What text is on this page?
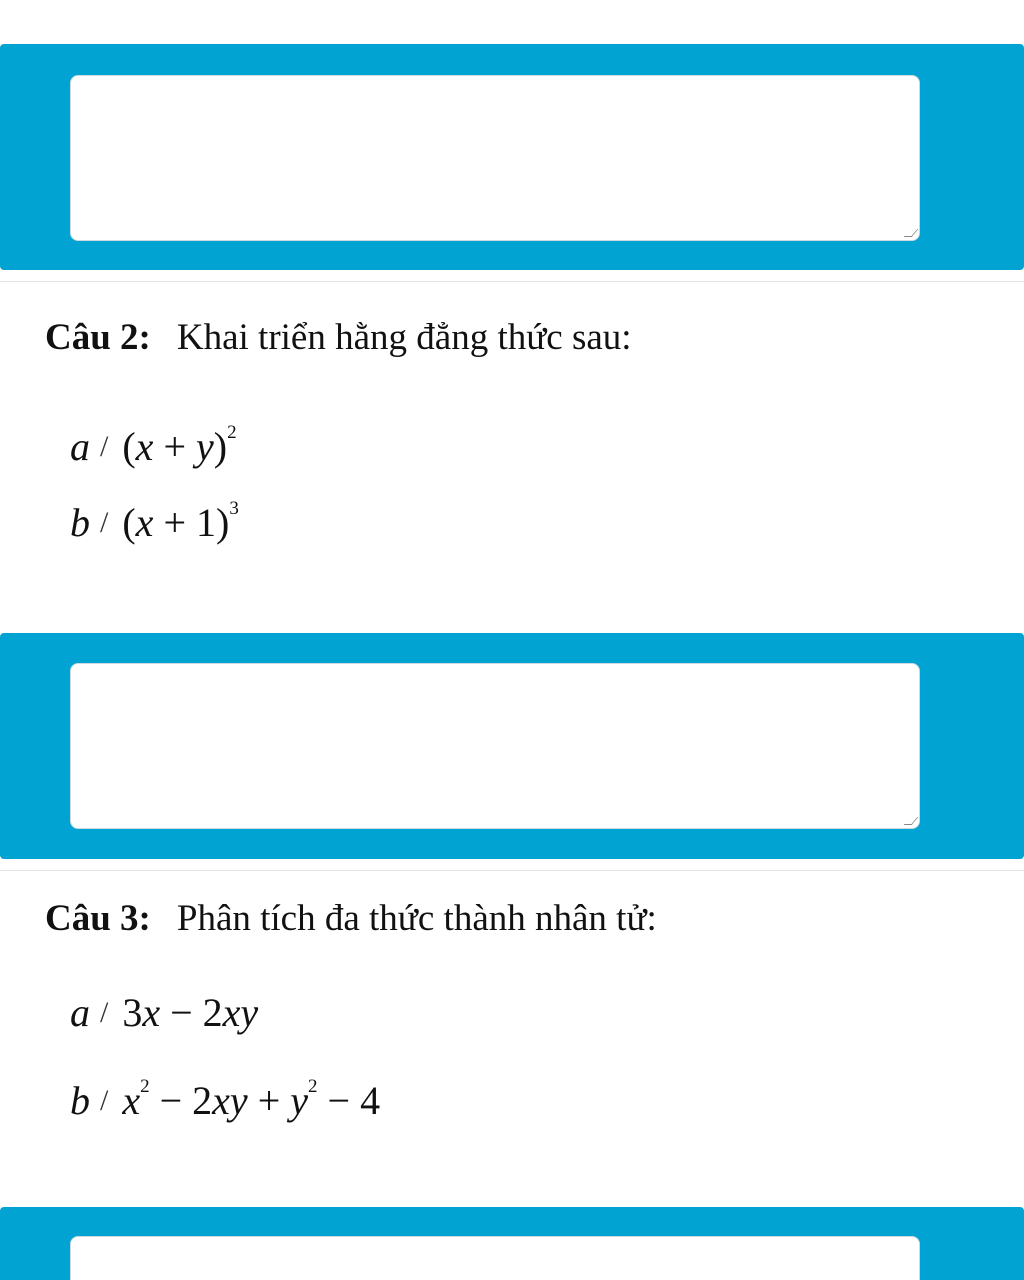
Câu 2: Khai triển hằng đẳng thức sau:
$a / (x + y)^2$
$b / (x + 1)^3$
Câu 3: Phân tích đa thức thành nhân tử:
a / 3x − 2xy
$b / x^2 - 2xy + y^2 - 4$
